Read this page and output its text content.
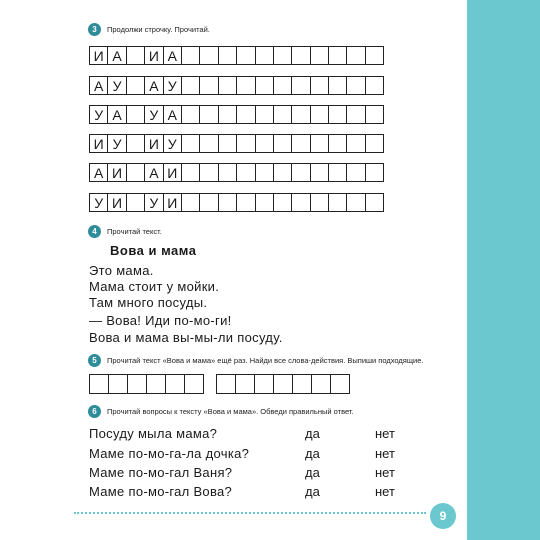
3	Продолжи строчку. Прочитай.
И А	И А
А У	А У
У А	У А
И У	И У
А И	А И
У И	У И
4	Прочитай текст.
Вова и мама
Это мама.
Мама стоит у мойки.
Там много посуды.
— Вова! Иди по-мо-ги!
Вова и мама вы-мы-ли посуду.
5	Прочитай текст «Вова и мама» ещё раз. Найди все слова-действия. Выпиши подходящие.
6	Прочитай вопросы к тексту «Вова и мама». Обведи правильный ответ.
Посуду мыла мама?	да	нет
Маме по-мо-га-ла дочка?	да	нет
Маме по-мо-гал Ваня?	да	нет
Маме по-мо-гал Вова?	да	нет
9
